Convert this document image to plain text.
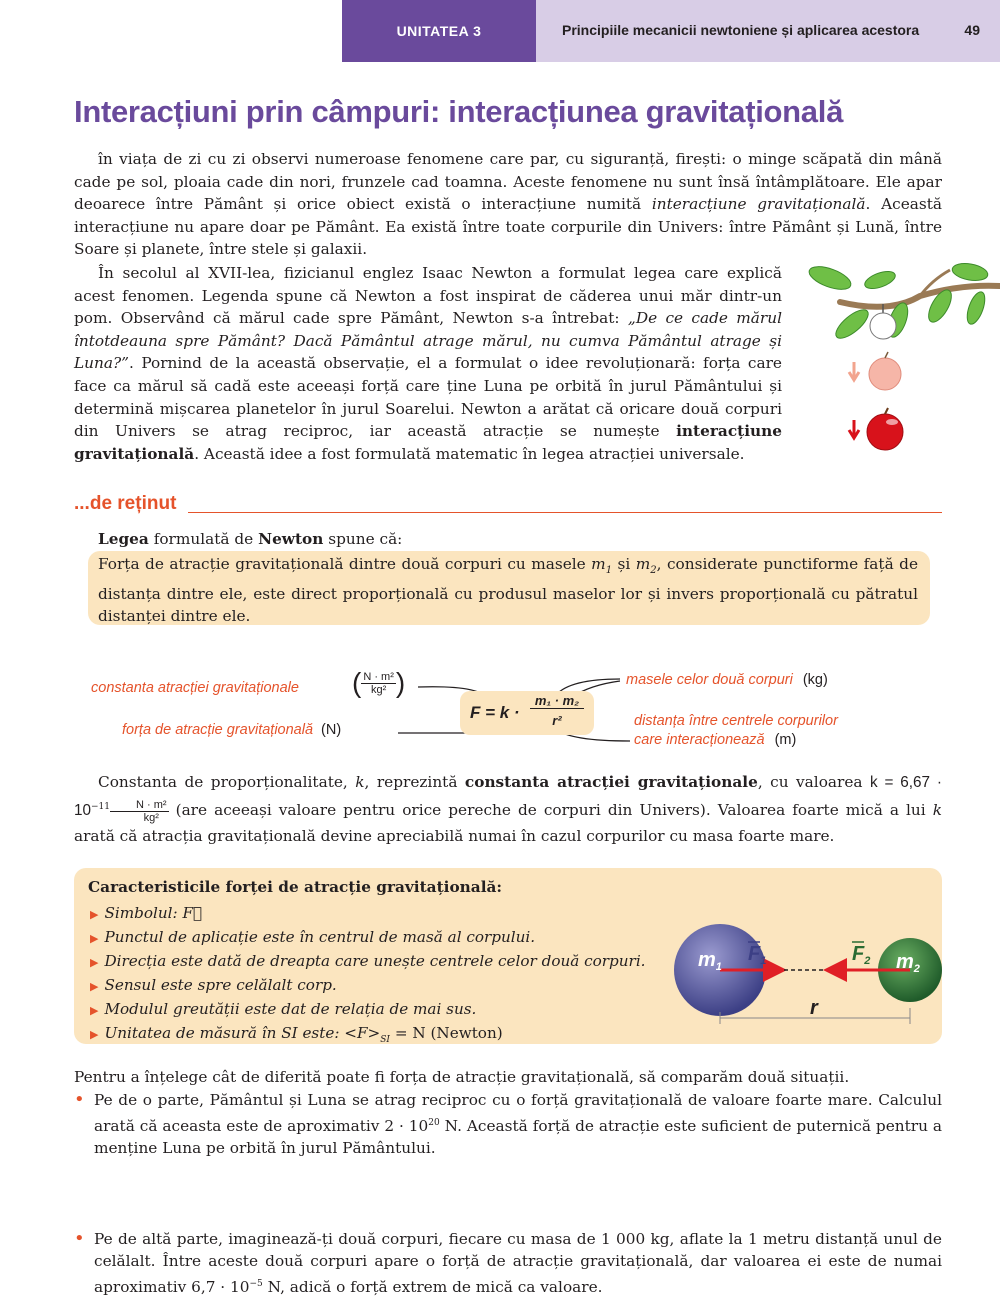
UNITATEA 3	Principiile mecanicii newtoniene și aplicarea acestora	49
Interacțiuni prin câmpuri: interacțiunea gravitațională

în viața de zi cu zi observi numeroase fenomene care par, cu siguranță, firești: o minge scăpată din mână cade pe sol, ploaia cade din nori, frunzele cad toamna. Aceste fenomene nu sunt însă întâmplătoare. Ele apar deoarece între Pământ și orice obiect există o interacțiune numită interacțiune gravitațională. Această interacțiune nu apare doar pe Pământ. Ea există între toate corpurile din Univers: între Pământ și Lună, între Soare și planete, între stele și galaxii.

În secolul al XVII-lea, fizicianul englez Isaac Newton a formulat legea care explică acest fenomen. Legenda spune că Newton a fost inspirat de căderea unui măr dintr-un pom. Observând că mărul cade spre Pământ, Newton s-a întrebat: „De ce cade mărul întotdeauna spre Pământ? Dacă Pământul atrage mărul, nu cumva Pământul atrage și Luna?”. Pornind de la această observație, el a formulat o idee revoluționară: forța care face ca mărul să cadă este aceeași forță care ține Luna pe orbită în jurul Pământului și determină mișcarea planetelor în jurul Soarelui. Newton a arătat că oricare două corpuri din Univers se atrag reciproc, iar această atracție se numește interacțiune gravitațională. Această idee a fost formulată matematic în legea atracției universale.

...de reținut

Legea formulată de Newton spune că:

Forța de atracție gravitațională dintre două corpuri cu masele $m_1$ și $m_2$, considerate punctiforme față de distanța dintre ele, este direct proporțională cu produsul maselor lor și invers proporțională cu pătratul distanței dintre ele.

constanta atracției gravitaționale ( $\frac{\text{N · m²}}{\text{kg²}}$ )
forța de atracție gravitațională (N)
F = k ·
m₁ · m₂
r²
masele celor două corpuri (kg)
distanța între centrele corpurilor
care interacționează (m)

Constanta de proporționalitate, k, reprezintă constanta atracției gravitaționale, cu valoarea $k = 6,67 \cdot 10^{-11} \frac{\text{N · m²}}{\text{kg²}} (are$ aceeași valoare pentru orice pereche de corpuri din Univers). Valoarea foarte mică a lui k arată că atracția gravitațională devine apreciabilă numai în cazul corpurilor cu masa foarte mare.

Caracteristicile forței de atracție gravitațională:
▶ Simbolul: F⃗
▶ Punctul de aplicație este în centrul de masă al corpului.
▶ Direcția este dată de dreapta care unește centrele celor două corpuri.
▶ Sensul este spre celălalt corp.
▶ Modulul greutății este dat de relația de mai sus.
▶ Unitatea de măsură în SI este: $<F>_{SI} = N$ (Newton)
$m_1$	$m_2$
$F_1$	$F_2$
r

Pentru a înțelege cât de diferită poate fi forța de atracție gravitațională, să comparăm două situații.

• Pe de o parte, Pământul și Luna se atrag reciproc cu o forță gravitațională de valoare foarte mare. Calculul arată că aceasta este de aproximativ $2 \cdot 10^{20}$ N. Această forță de atracție este suficient de puternică pentru a menține Luna pe orbită în jurul Pământului.

• Pe de altă parte, imaginează-ți două corpuri, fiecare cu masa de 1 000 kg, aflate la 1 metru distanță unul de celălalt. Între aceste două corpuri apare o forță de atracție gravitațională, dar valoarea ei este de numai aproximativ $6,7 \cdot 10^{-5}$ N, adică o forță extrem de mică ca valoare.
